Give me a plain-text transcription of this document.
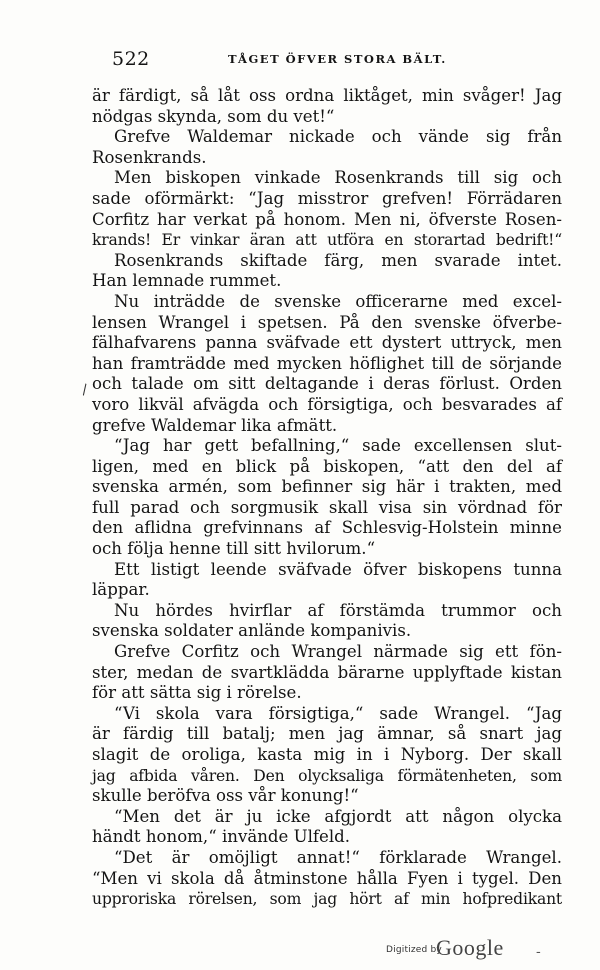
522	TÅGET ÖFVER STORA BÄLT.
är färdigt, så låt oss ordna liktåget, min svåger! Jag
nödgas skynda, som du vet!“
Grefve Waldemar nickade och vände sig från
Rosenkrands.
Men biskopen vinkade Rosenkrands till sig och
sade oförmärkt: “Jag misstror grefven! Förrädaren
Corfitz har verkat på honom. Men ni, öfverste Rosen-
krands! Er vinkar äran att utföra en storartad bedrift!“
Rosenkrands skiftade färg, men svarade intet.
Han lemnade rummet.
Nu inträdde de svenske officerarne med excel-
lensen Wrangel i spetsen. På den svenske öfverbe-
fälhafvarens panna sväfvade ett dystert uttryck, men
han framträdde med mycken höflighet till de sörjande
och talade om sitt deltagande i deras förlust. Orden
voro likväl afvägda och försigtiga, och besvarades af
grefve Waldemar lika afmätt.
“Jag har gett befallning,“ sade excellensen slut-
ligen, med en blick på biskopen, “att den del af
svenska armén, som befinner sig här i trakten, med
full parad och sorgmusik skall visa sin vördnad för
den aflidna grefvinnans af Schlesvig-Holstein minne
och följa henne till sitt hvilorum.“
Ett listigt leende sväfvade öfver biskopens tunna
läppar.
Nu hördes hvirflar af förstämda trummor och
svenska soldater anlände kompanivis.
Grefve Corfitz och Wrangel närmade sig ett fön-
ster, medan de svartklädda bärarne upplyftade kistan
för att sätta sig i rörelse.
“Vi skola vara försigtiga,“ sade Wrangel. “Jag
är färdig till batalj; men jag ämnar, så snart jag
slagit de oroliga, kasta mig in i Nyborg. Der skall
jag afbida våren. Den olycksaliga förmätenheten, som
skulle beröfva oss vår konung!“
“Men det är ju icke afgjordt att någon olycka
händt honom,“ invände Ulfeld.
“Det är omöjligt annat!“ förklarade Wrangel.
“Men vi skola då åtminstone hålla Fyen i tygel. Den
upproriska rörelsen, som jag hört af min hofpredikant
\
Digitized by
Google -
